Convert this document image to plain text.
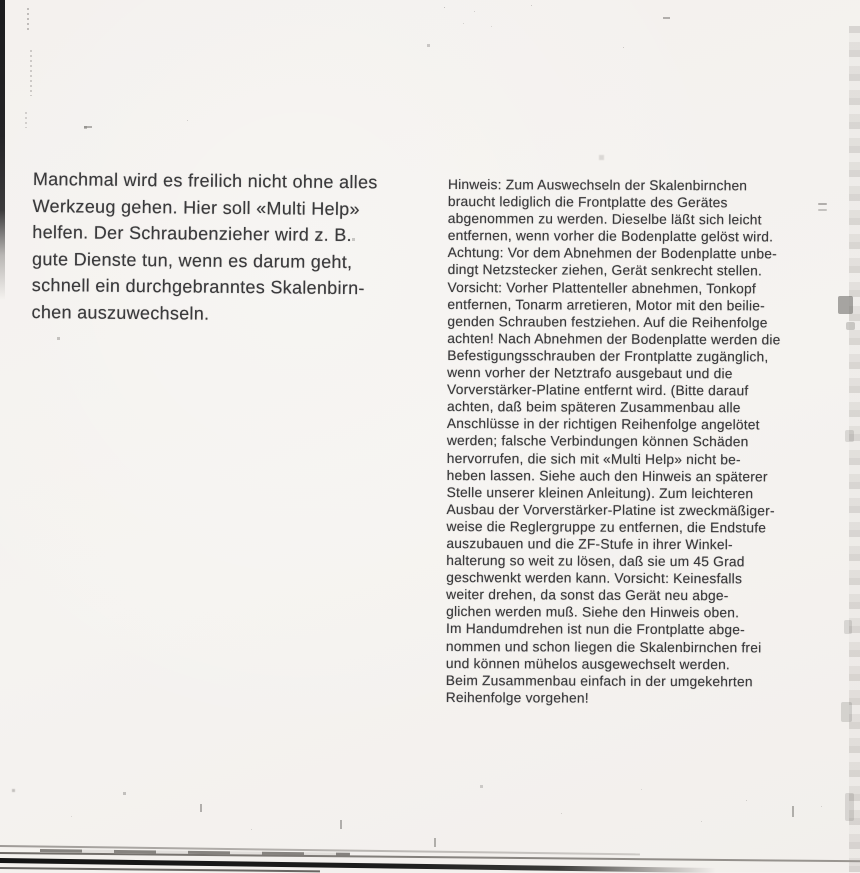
Manchmal wird es freilich nicht ohne alles
Werkzeug gehen. Hier soll «Multi Help»
helfen. Der Schraubenzieher wird z. B.
gute Dienste tun, wenn es darum geht,
schnell ein durchgebranntes Skalenbirn-
chen auszuwechseln.
Hinweis: Zum Auswechseln der Skalenbirnchen
braucht lediglich die Frontplatte des Gerätes
abgenommen zu werden. Dieselbe läßt sich leicht
entfernen, wenn vorher die Bodenplatte gelöst wird.
Achtung: Vor dem Abnehmen der Bodenplatte unbe-
dingt Netzstecker ziehen, Gerät senkrecht stellen.
Vorsicht: Vorher Plattenteller abnehmen, Tonkopf
entfernen, Tonarm arretieren, Motor mit den beilie-
genden Schrauben festziehen. Auf die Reihenfolge
achten! Nach Abnehmen der Bodenplatte werden die
Befestigungsschrauben der Frontplatte zugänglich,
wenn vorher der Netztrafo ausgebaut und die
Vorverstärker-Platine entfernt wird. (Bitte darauf
achten, daß beim späteren Zusammenbau alle
Anschlüsse in der richtigen Reihenfolge angelötet
werden; falsche Verbindungen können Schäden
hervorrufen, die sich mit «Multi Help» nicht be-
heben lassen. Siehe auch den Hinweis an späterer
Stelle unserer kleinen Anleitung). Zum leichteren
Ausbau der Vorverstärker-Platine ist zweckmäßiger-
weise die Reglergruppe zu entfernen, die Endstufe
auszubauen und die ZF-Stufe in ihrer Winkel-
halterung so weit zu lösen, daß sie um 45 Grad
geschwenkt werden kann. Vorsicht: Keinesfalls
weiter drehen, da sonst das Gerät neu abge-
glichen werden muß. Siehe den Hinweis oben.
Im Handumdrehen ist nun die Frontplatte abge-
nommen und schon liegen die Skalenbirnchen frei
und können mühelos ausgewechselt werden.
Beim Zusammenbau einfach in der umgekehrten
Reihenfolge vorgehen!
